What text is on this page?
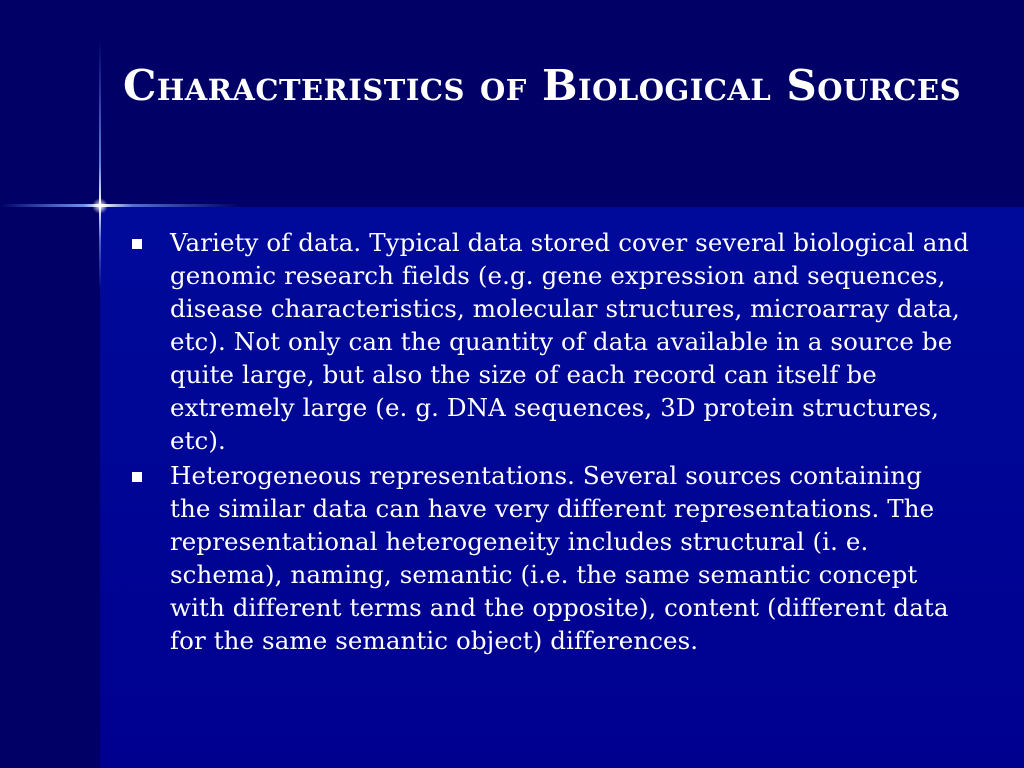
Characteristics of Biological Sources
Variety of data. Typical data stored cover several biological and genomic research fields (e.g. gene expression and sequences, disease characteristics, molecular structures, microarray data, etc). Not only can the quantity of data available in a source be quite large, but also the size of each record can itself be extremely large (e. g. DNA sequences, 3D protein structures, etc).
Heterogeneous representations. Several sources containing the similar data can have very different representations. The representational heterogeneity includes structural (i. e. schema), naming, semantic (i.e. the same semantic concept with different terms and the opposite), content (different data for the same semantic object) differences.
